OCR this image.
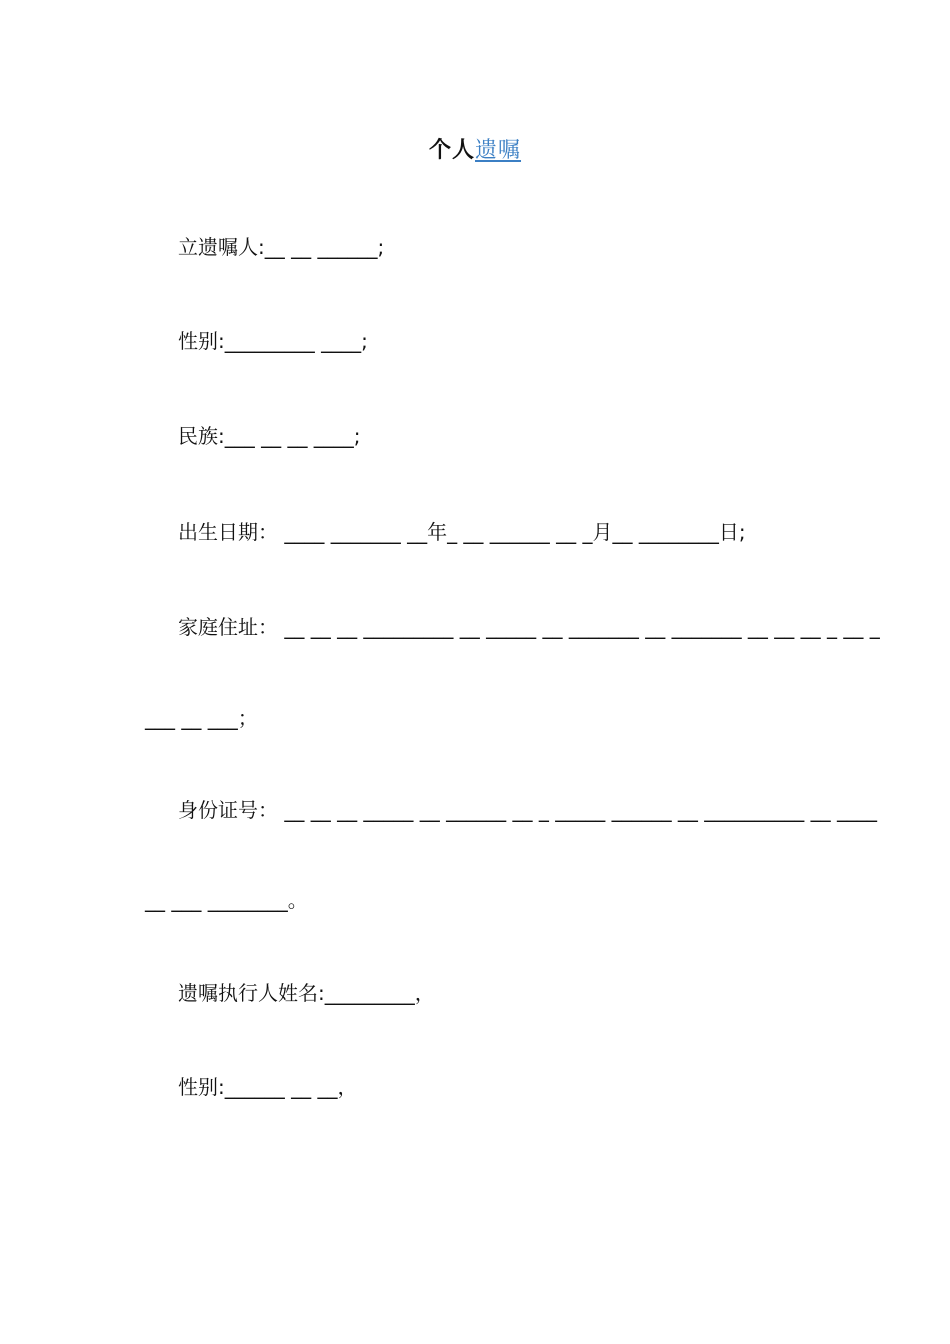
个人遗嘱
立遗嘱人:__ __ ______;
性别:_________ ____;
民族:___ __ __ ____;
出生日期： ____ _______ __年_ __ ______ __ _月__ ________日;
家庭住址： __ __ __ _________ __ _____ __ _______ __ _______ __ __ __ _ __ _
___ __ ___；
身份证号： __ __ __ _____ __ ______ __ _ _____ ______ __ __________ __ ____
__ ___ ________。
遗嘱执行人姓名:_________，
性别:______ __ __，
